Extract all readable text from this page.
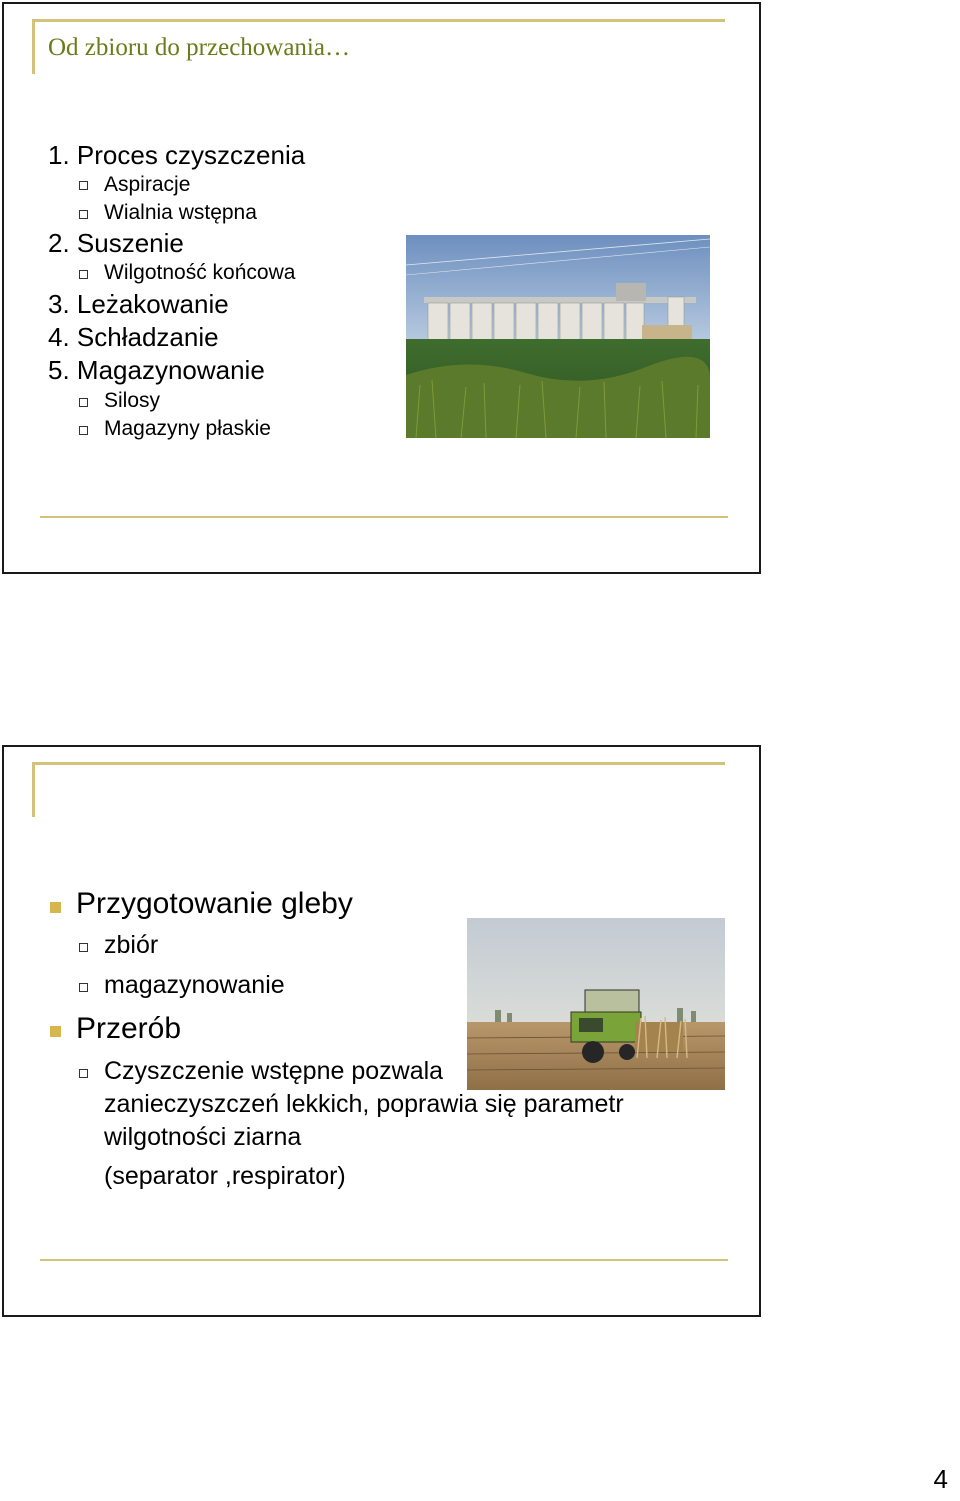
Od zbioru do przechowania…
1. Proces czyszczenia
Aspiracje
Wialnia wstępna
2. Suszenie
Wilgotność końcowa
3. Leżakowanie
4. Schładzanie
5. Magazynowanie
Silosy
Magazyny płaskie
Przygotowanie gleby
zbiór
magazynowanie
Przerób
Czyszczenie wstępne pozwala
zanieczyszczeń lekkich, poprawia się parametr
wilgotności ziarna
(separator ,respirator)
4
